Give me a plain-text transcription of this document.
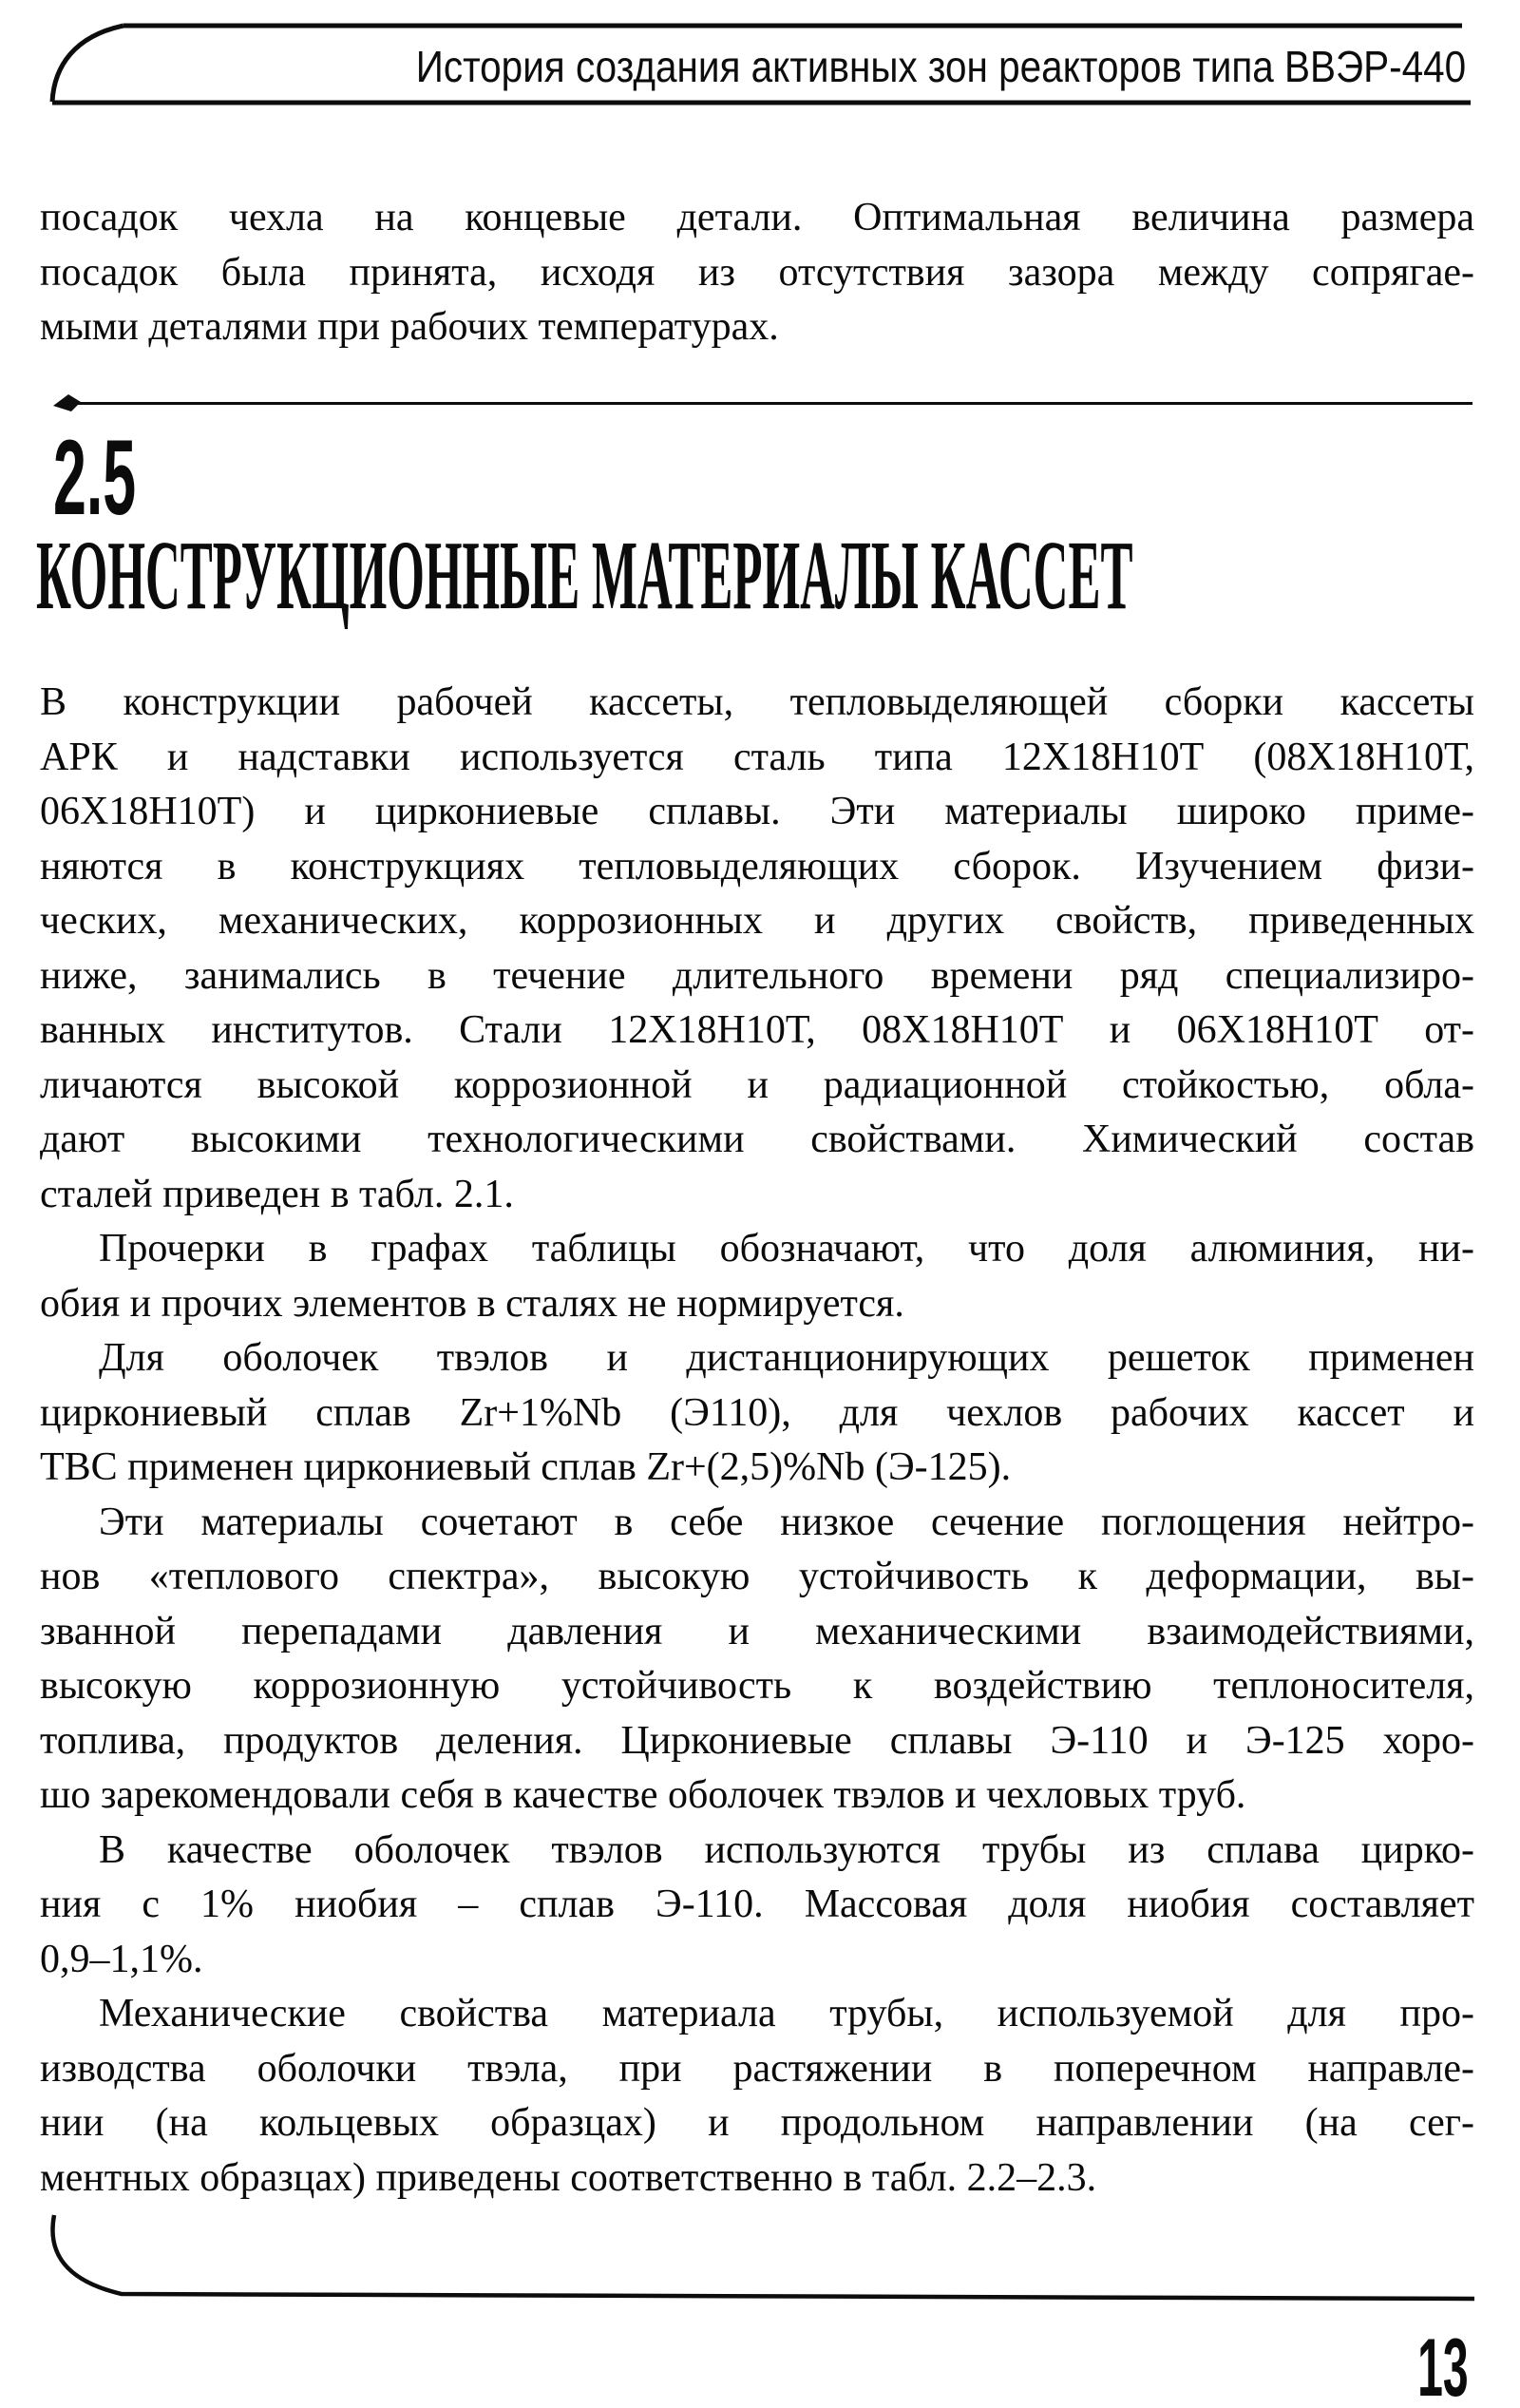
История создания активных зон реакторов типа ВВЭР-440
посадок чехла на концевые детали. Оптимальная величина размера
посадок была принята, исходя из отсутствия зазора между сопрягае-
мыми деталями при рабочих температурах.
2.5
КОНСТРУКЦИОННЫЕ МАТЕРИАЛЫ КАССЕТ
В конструкции рабочей кассеты, тепловыделяющей сборки кассеты
АРК и надставки используется сталь типа 12Х18Н10Т (08Х18Н10Т,
06Х18Н10Т) и циркониевые сплавы. Эти материалы широко приме-
няются в конструкциях тепловыделяющих сборок. Изучением физи-
ческих, механических, коррозионных и других свойств, приведенных
ниже, занимались в течение длительного времени ряд специализиро-
ванных институтов. Стали 12Х18Н10Т, 08Х18Н10Т и 06Х18Н10Т от-
личаются высокой коррозионной и радиационной стойкостью, обла-
дают высокими технологическими свойствами. Химический состав
сталей приведен в табл. 2.1.
Прочерки в графах таблицы обозначают, что доля алюминия, ни-
обия и прочих элементов в сталях не нормируется.
Для оболочек твэлов и дистанционирующих решеток применен
циркониевый сплав Zr+1%Nb (Э110), для чехлов рабочих кассет и
ТВС применен циркониевый сплав Zr+(2,5)%Nb (Э-125).
Эти материалы сочетают в себе низкое сечение поглощения нейтро-
нов «теплового спектра», высокую устойчивость к деформации, вы-
званной перепадами давления и механическими взаимодействиями,
высокую коррозионную устойчивость к воздействию теплоносителя,
топлива, продуктов деления. Циркониевые сплавы Э-110 и Э-125 хоро-
шо зарекомендовали себя в качестве оболочек твэлов и чехловых труб.
В качестве оболочек твэлов используются трубы из сплава цирко-
ния с 1% ниобия – сплав Э-110. Массовая доля ниобия составляет
0,9–1,1%.
Механические свойства материала трубы, используемой для про-
изводства оболочки твэла, при растяжении в поперечном направле-
нии (на кольцевых образцах) и продольном направлении (на сег-
ментных образцах) приведены соответственно в табл. 2.2–2.3.
13
